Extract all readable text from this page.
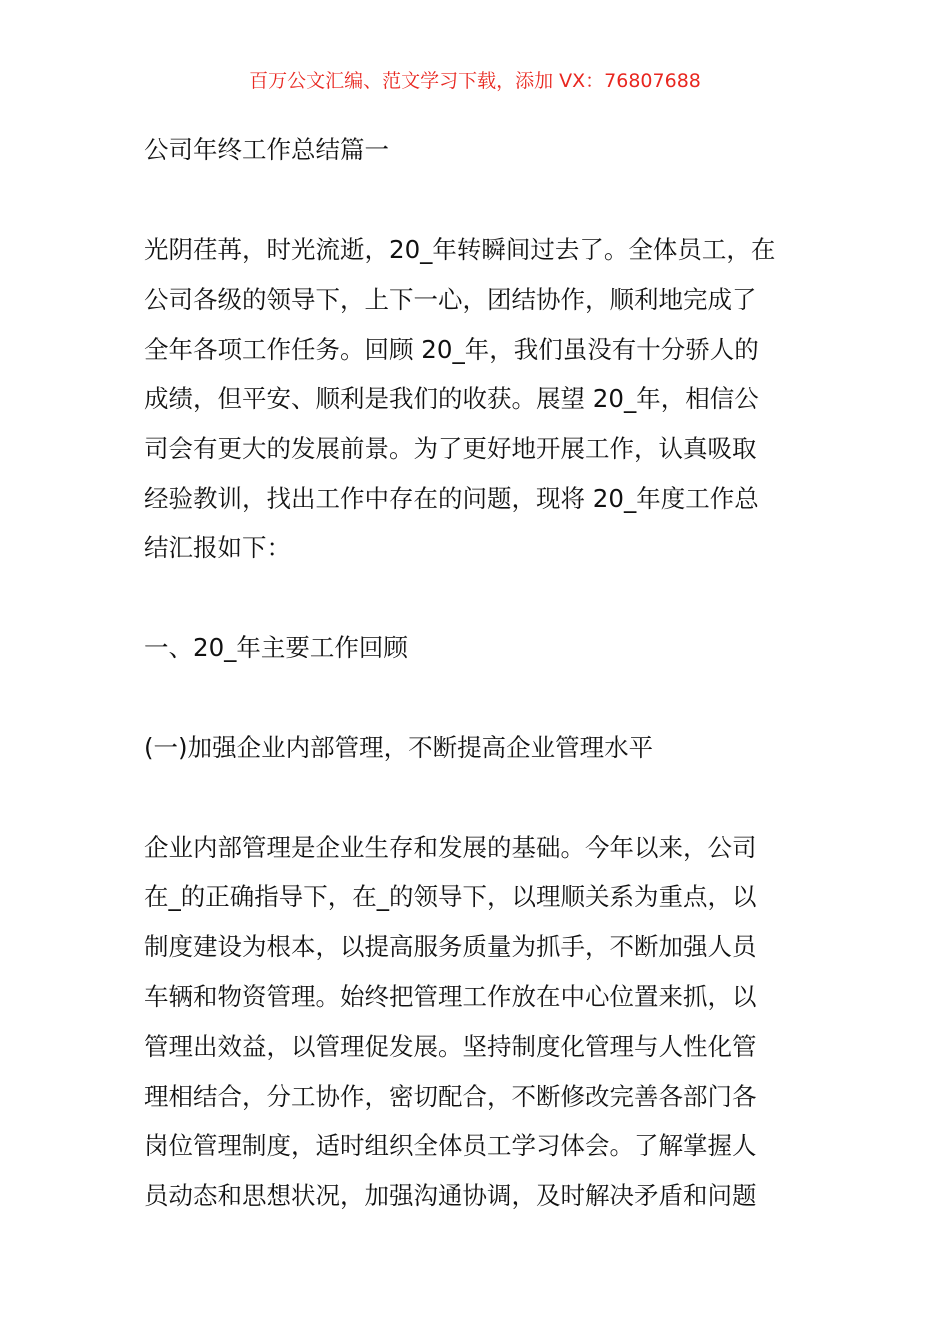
百万公文汇编、范文学习下载，添加 VX：76807688
公司年终工作总结篇一
光阴荏苒，时光流逝，20_年转瞬间过去了。全体员工，在
公司各级的领导下，上下一心，团结协作，顺利地完成了
全年各项工作任务。回顾 20_年，我们虽没有十分骄人的
成绩，但平安、顺利是我们的收获。展望 20_年，相信公
司会有更大的发展前景。为了更好地开展工作，认真吸取
经验教训，找出工作中存在的问题，现将 20_年度工作总
结汇报如下：
一、20_年主要工作回顾
(一)加强企业内部管理，不断提高企业管理水平
企业内部管理是企业生存和发展的基础。今年以来，公司
在_的正确指导下，在_的领导下，以理顺关系为重点，以
制度建设为根本，以提高服务质量为抓手，不断加强人员
车辆和物资管理。始终把管理工作放在中心位置来抓，以
管理出效益，以管理促发展。坚持制度化管理与人性化管
理相结合，分工协作，密切配合，不断修改完善各部门各
岗位管理制度，适时组织全体员工学习体会。了解掌握人
员动态和思想状况，加强沟通协调，及时解决矛盾和问题
